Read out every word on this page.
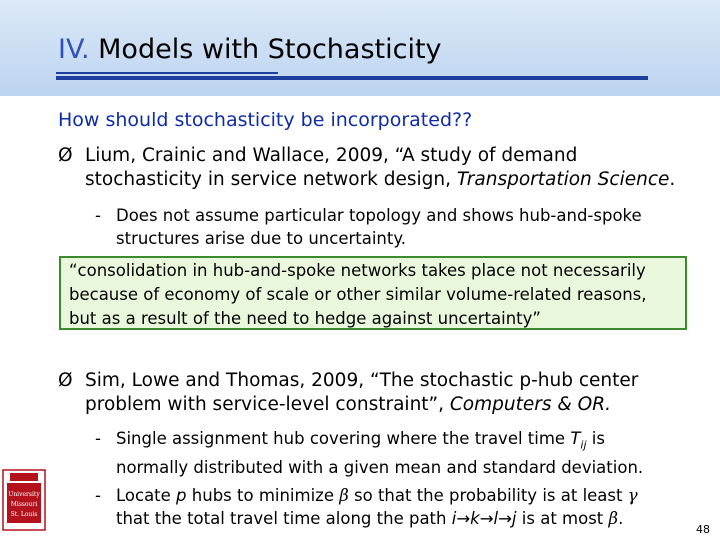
IV. Models with Stochasticity
How should stochasticity be incorporated??
Ø Lium, Crainic and Wallace, 2009, “A study of demand
stochasticity in service network design, Transportation Science.
- Does not assume particular topology and shows hub-and-spoke
structures arise due to uncertainty.
“consolidation in hub-and-spoke networks takes place not necessarily
because of economy of scale or other similar volume-related reasons,
but as a result of the need to hedge against uncertainty”
Ø Sim, Lowe and Thomas, 2009, “The stochastic p-hub center
problem with service-level constraint”, Computers & OR.
- Single assignment hub covering where the travel time $T_{ij}$ is
normally distributed with a given mean and standard deviation.
- Locate p hubs to minimize β so that the probability is at least γ
that the total travel time along the path i→k→l→j is at most β.
University
Missouri
St. Louis
48
